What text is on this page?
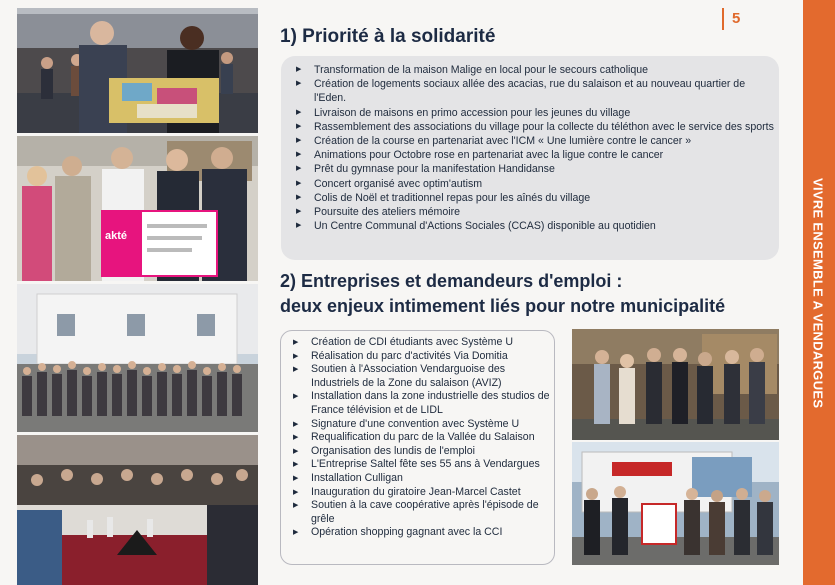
akté
5
VIVRE ENSEMBLE A VENDARGUES
1) Priorité à la solidarité
▶ Transformation de la maison Malige en local pour le secours catholique
▶ Création de logements sociaux allée des acacias, rue du salaison et au nouveau quartier de l'Eden.
▶ Livraison de maisons en primo accession pour les jeunes du village
▶ Rassemblement des associations du village pour la collecte du téléthon avec le service des sports
▶ Création de la course en partenariat avec l'ICM « Une lumière contre le cancer »
▶ Animations pour Octobre rose en partenariat avec la ligue contre le cancer
▶ Prêt du gymnase pour la manifestation Handidanse
▶ Concert organisé avec optim'autism
▶ Colis de Noël et traditionnel repas pour les aînés du village
▶ Poursuite des ateliers mémoire
▶ Un Centre Communal d'Actions Sociales (CCAS) disponible au quotidien
2) Entreprises et demandeurs d'emploi :
deux enjeux intimement liés pour notre municipalité
▶ Création de CDI étudiants avec Système U
▶ Réalisation du parc d'activités Via Domitia
▶ Soutien à l'Association Vendarguoise des Industriels de la Zone du salaison (AVIZ)
▶ Installation dans la zone industrielle des studios de France télévision et de LIDL
▶ Signature d'une convention avec Système U
▶ Requalification du parc de la Vallée du Salaison
▶ Organisation des lundis de l'emploi
▶ L'Entreprise Saltel fête ses 55 ans à Vendargues
▶ Installation Culligan
▶ Inauguration du giratoire Jean-Marcel Castet
▶ Soutien à la cave coopérative après l'épisode de grêle
▶ Opération shopping gagnant avec la CCI
